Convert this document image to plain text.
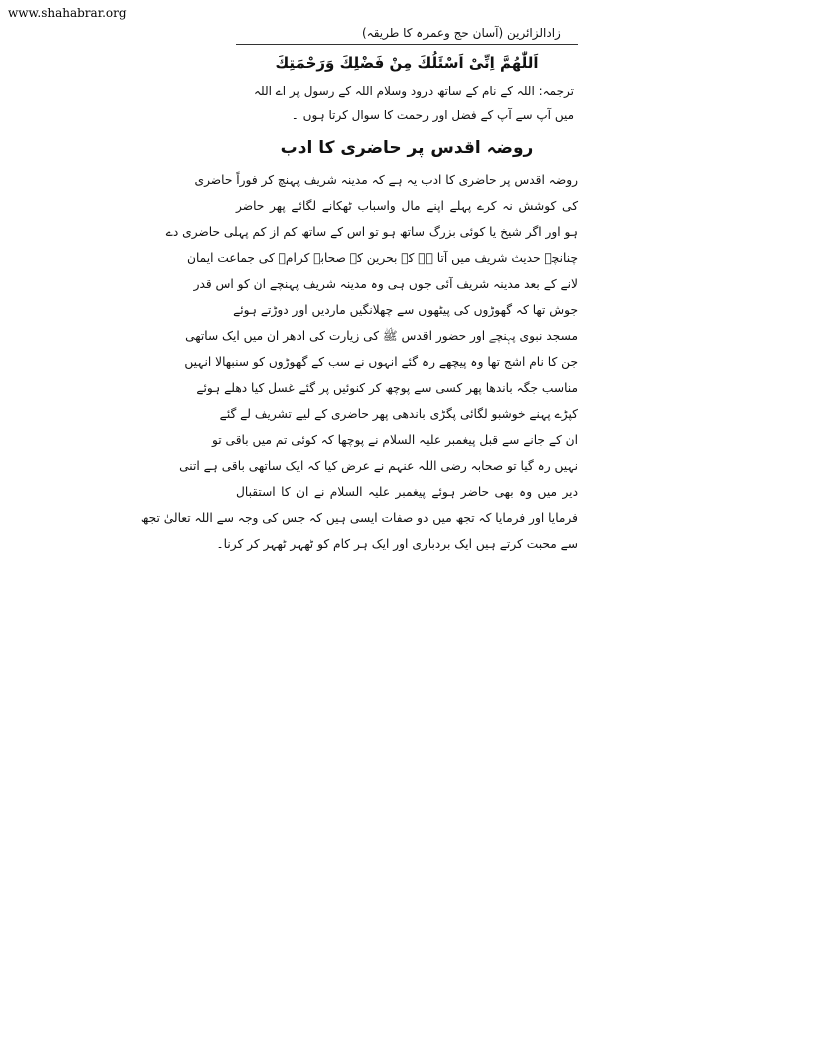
www.shahabrar.org
زادالزائرین (آسان حج وعمرہ کا طریقہ)
اَللّٰهُمَّ اِنِّیْ اَسْئَلُكَ مِنْ فَضْلِكَ وَرَحْمَتِكَ
ترجمہ: اللہ کے نام کے ساتھ درود وسلام اللہ کے رسول پر اے اللہ
میں آپ سے آپ کے فضل اور رحمت کا سوال کرتا ہوں ۔
روضہ اقدس پر حاضری کا ادب
روضہ اقدس پر حاضری کا ادب یہ ہے کہ مدینہ شریف پہنچ کر فوراً حاضری
کی کوشش نہ کرے پہلے اپنے مال واسباب ٹھکانے لگائے پھر حاضر
ہو اور اگر شیخ یا کوئی بزرگ ساتھ ہو تو اس کے ساتھ کم از کم پہلی حاضری دے
چنانچہ حدیث شریف میں آتا ہے کہ بحرین کے صحابہ کرامؓ کی جماعت ایمان
لانے کے بعد مدینہ شریف آئی جوں ہی وہ مدینہ شریف پہنچے ان کو اس قدر
جوش تھا کہ گھوڑوں کی پیٹھوں سے چھلانگیں ماردیں اور دوڑتے ہوئے
مسجد نبوی پہنچے اور حضور اقدس ﷺ کی زیارت کی ادھر ان میں ایک ساتھی
جن کا نام اشج تھا وہ پیچھے رہ گئے انہوں نے سب کے گھوڑوں کو سنبھالا انہیں
مناسب جگہ باندھا پھر کسی سے پوچھ کر کنوئیں پر گئے غسل کیا دھلے ہوئے
کپڑے پہنے خوشبو لگائی پگڑی باندھی پھر حاضری کے لیے تشریف لے گئے
ان کے جانے سے قبل پیغمبر علیہ السلام نے پوچھا کہ کوئی تم میں باقی تو
نہیں رہ گیا تو صحابہ رضی اللہ عنہم نے عرض کیا کہ ایک ساتھی باقی ہے اتنی
دیر میں وہ بھی حاضر ہوئے پیغمبر علیہ السلام نے ان کا استقبال
فرمایا اور فرمایا کہ تجھ میں دو صفات ایسی ہیں کہ جس کی وجہ سے اللہ تعالیٰ تجھ
سے محبت کرتے ہیں ایک بردباری اور ایک ہر کام کو ٹھہر ٹھہر کر کرنا۔
